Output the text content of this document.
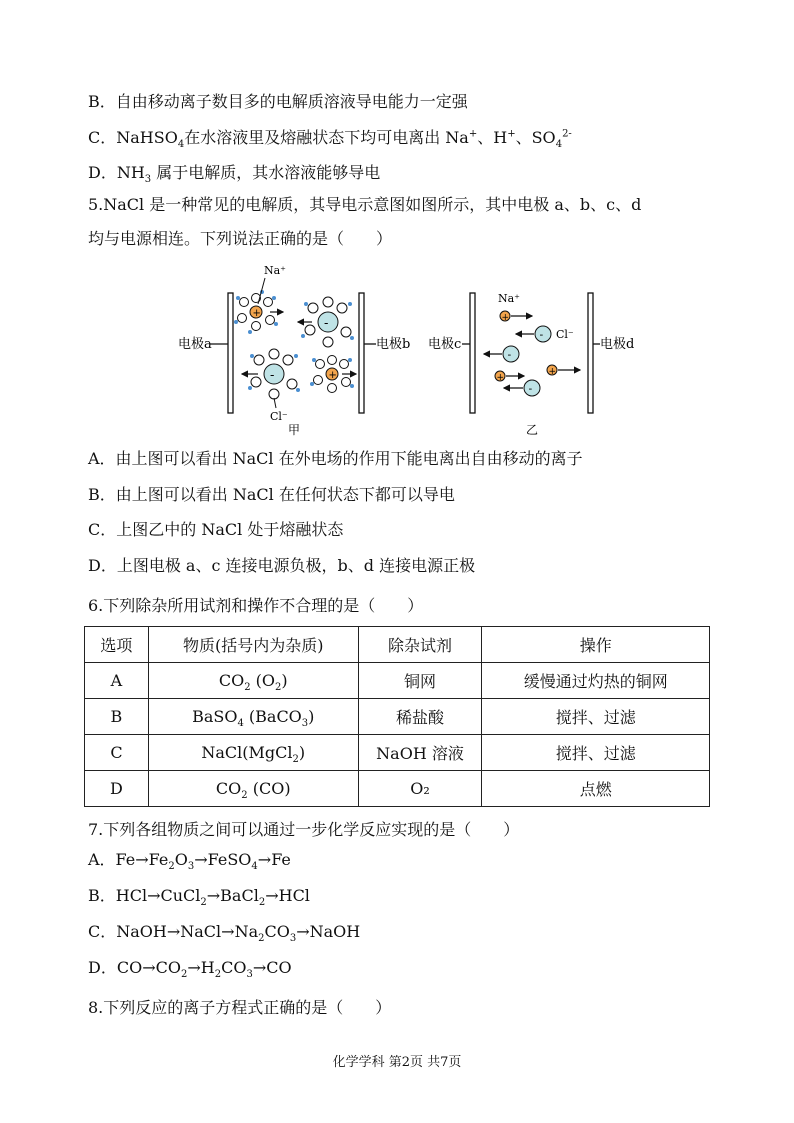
B．自由移动离子数目多的电解质溶液导电能力一定强
C．NaHSO$_4$在水溶液里及熔融状态下均可电离出 Na+、H+、$SO_4^{2-}$
D．$NH_3$ 属于电解质，其水溶液能够导电
5.NaCl 是一种常见的电解质，其导电示意图如图所示，其中电极 a、b、c、d
均与电源相连。下列说法正确的是（　　）
电极a	电极b
+
Na⁺
-
-
Cl⁻
+
甲
电极c	电极d
Na⁺
+
- Cl⁻
-
+
+
-
乙
A．由上图可以看出 NaCl 在外电场的作用下能电离出自由移动的离子
B．由上图可以看出 NaCl 在任何状态下都可以导电
C．上图乙中的 NaCl 处于熔融状态
D．上图电极 a、c 连接电源负极，b、d 连接电源正极
6.下列除杂所用试剂和操作不合理的是（　　）
选项	物质(括号内为杂质)	除杂试剂	操作
A	$CO_2$ $(O_2)$	铜网	缓慢通过灼热的铜网
B	BaSO$_4$ (BaCO$_3$)	稀盐酸	搅拌、过滤
C	NaCl(MgCl$_2$)	NaOH 溶液	搅拌、过滤
D	$CO_2$ (CO)	O₂	点燃
7.下列各组物质之间可以通过一步化学反应实现的是（　　）
A．$Fe\to Fe_2O_3\to FeSO_4\to Fe$
B．HCl→CuCl$_2$→BaCl$_2$→HCl
C．$NaOH\to NaCl\to Na_2CO_3\to NaOH$
D．$CO\to CO_2\to H_2CO_3\to CO$
8.下列反应的离子方程式正确的是（　　）
化学学科 第2页 共7页
